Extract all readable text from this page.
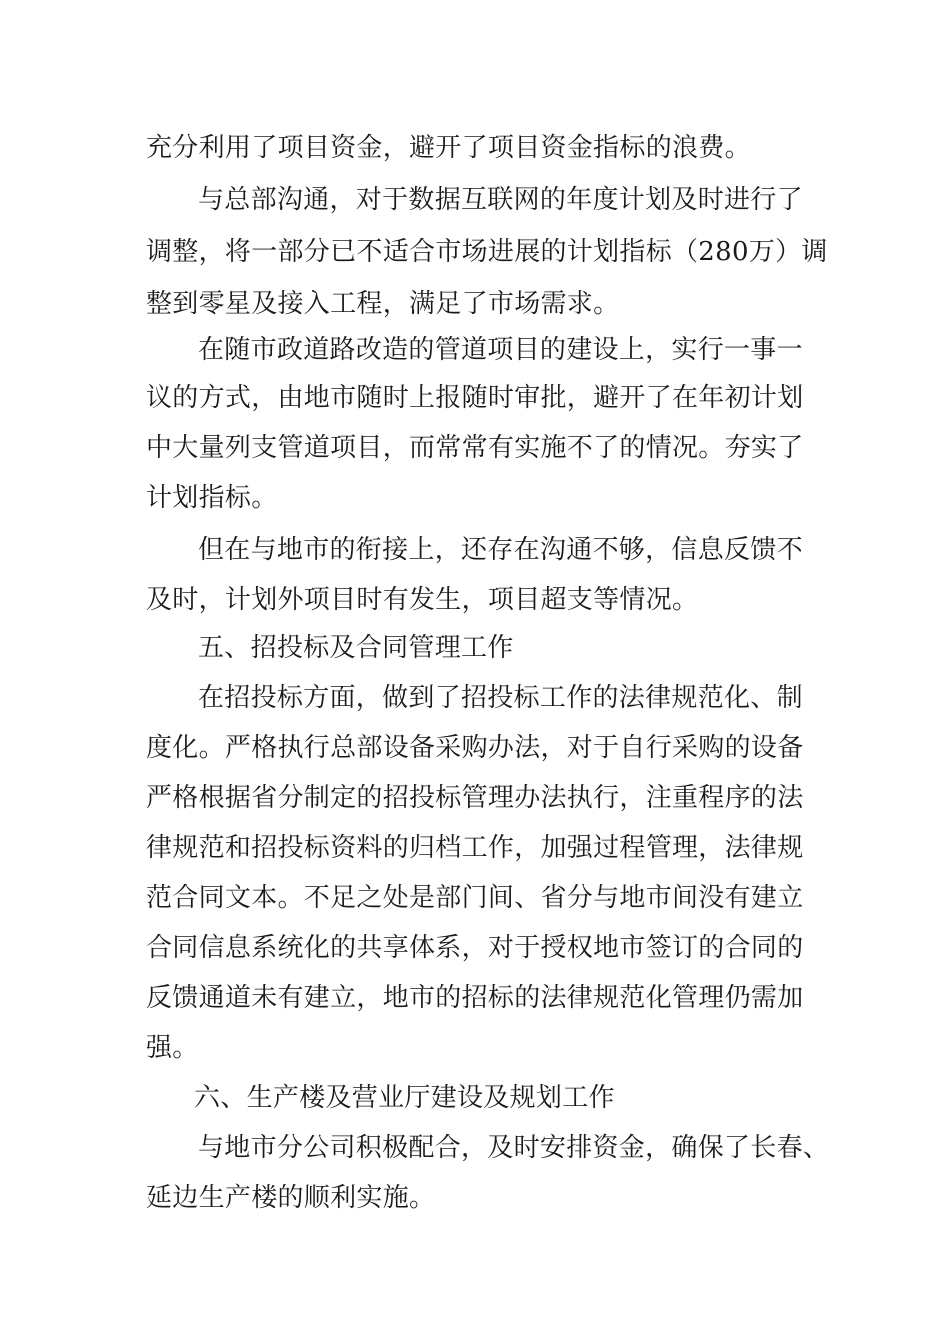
充分利用了项目资金，避开了项目资金指标的浪费。
与总部沟通，对于数据互联网的年度计划及时进行了
调整，将一部分已不适合市场进展的计划指标（280万）调
整到零星及接入工程，满足了市场需求。
在随市政道路改造的管道项目的建设上，实行一事一
议的方式，由地市随时上报随时审批，避开了在年初计划
中大量列支管道项目，而常常有实施不了的情况。夯实了
计划指标。
但在与地市的衔接上，还存在沟通不够，信息反馈不
及时，计划外项目时有发生，项目超支等情况。
五、招投标及合同管理工作
在招投标方面，做到了招投标工作的法律规范化、制
度化。严格执行总部设备采购办法，对于自行采购的设备
严格根据省分制定的招投标管理办法执行，注重程序的法
律规范和招投标资料的归档工作，加强过程管理，法律规
范合同文本。不足之处是部门间、省分与地市间没有建立
合同信息系统化的共享体系，对于授权地市签订的合同的
反馈通道未有建立，地市的招标的法律规范化管理仍需加
强。
六、生产楼及营业厅建设及规划工作
与地市分公司积极配合，及时安排资金，确保了长春、
延边生产楼的顺利实施。
